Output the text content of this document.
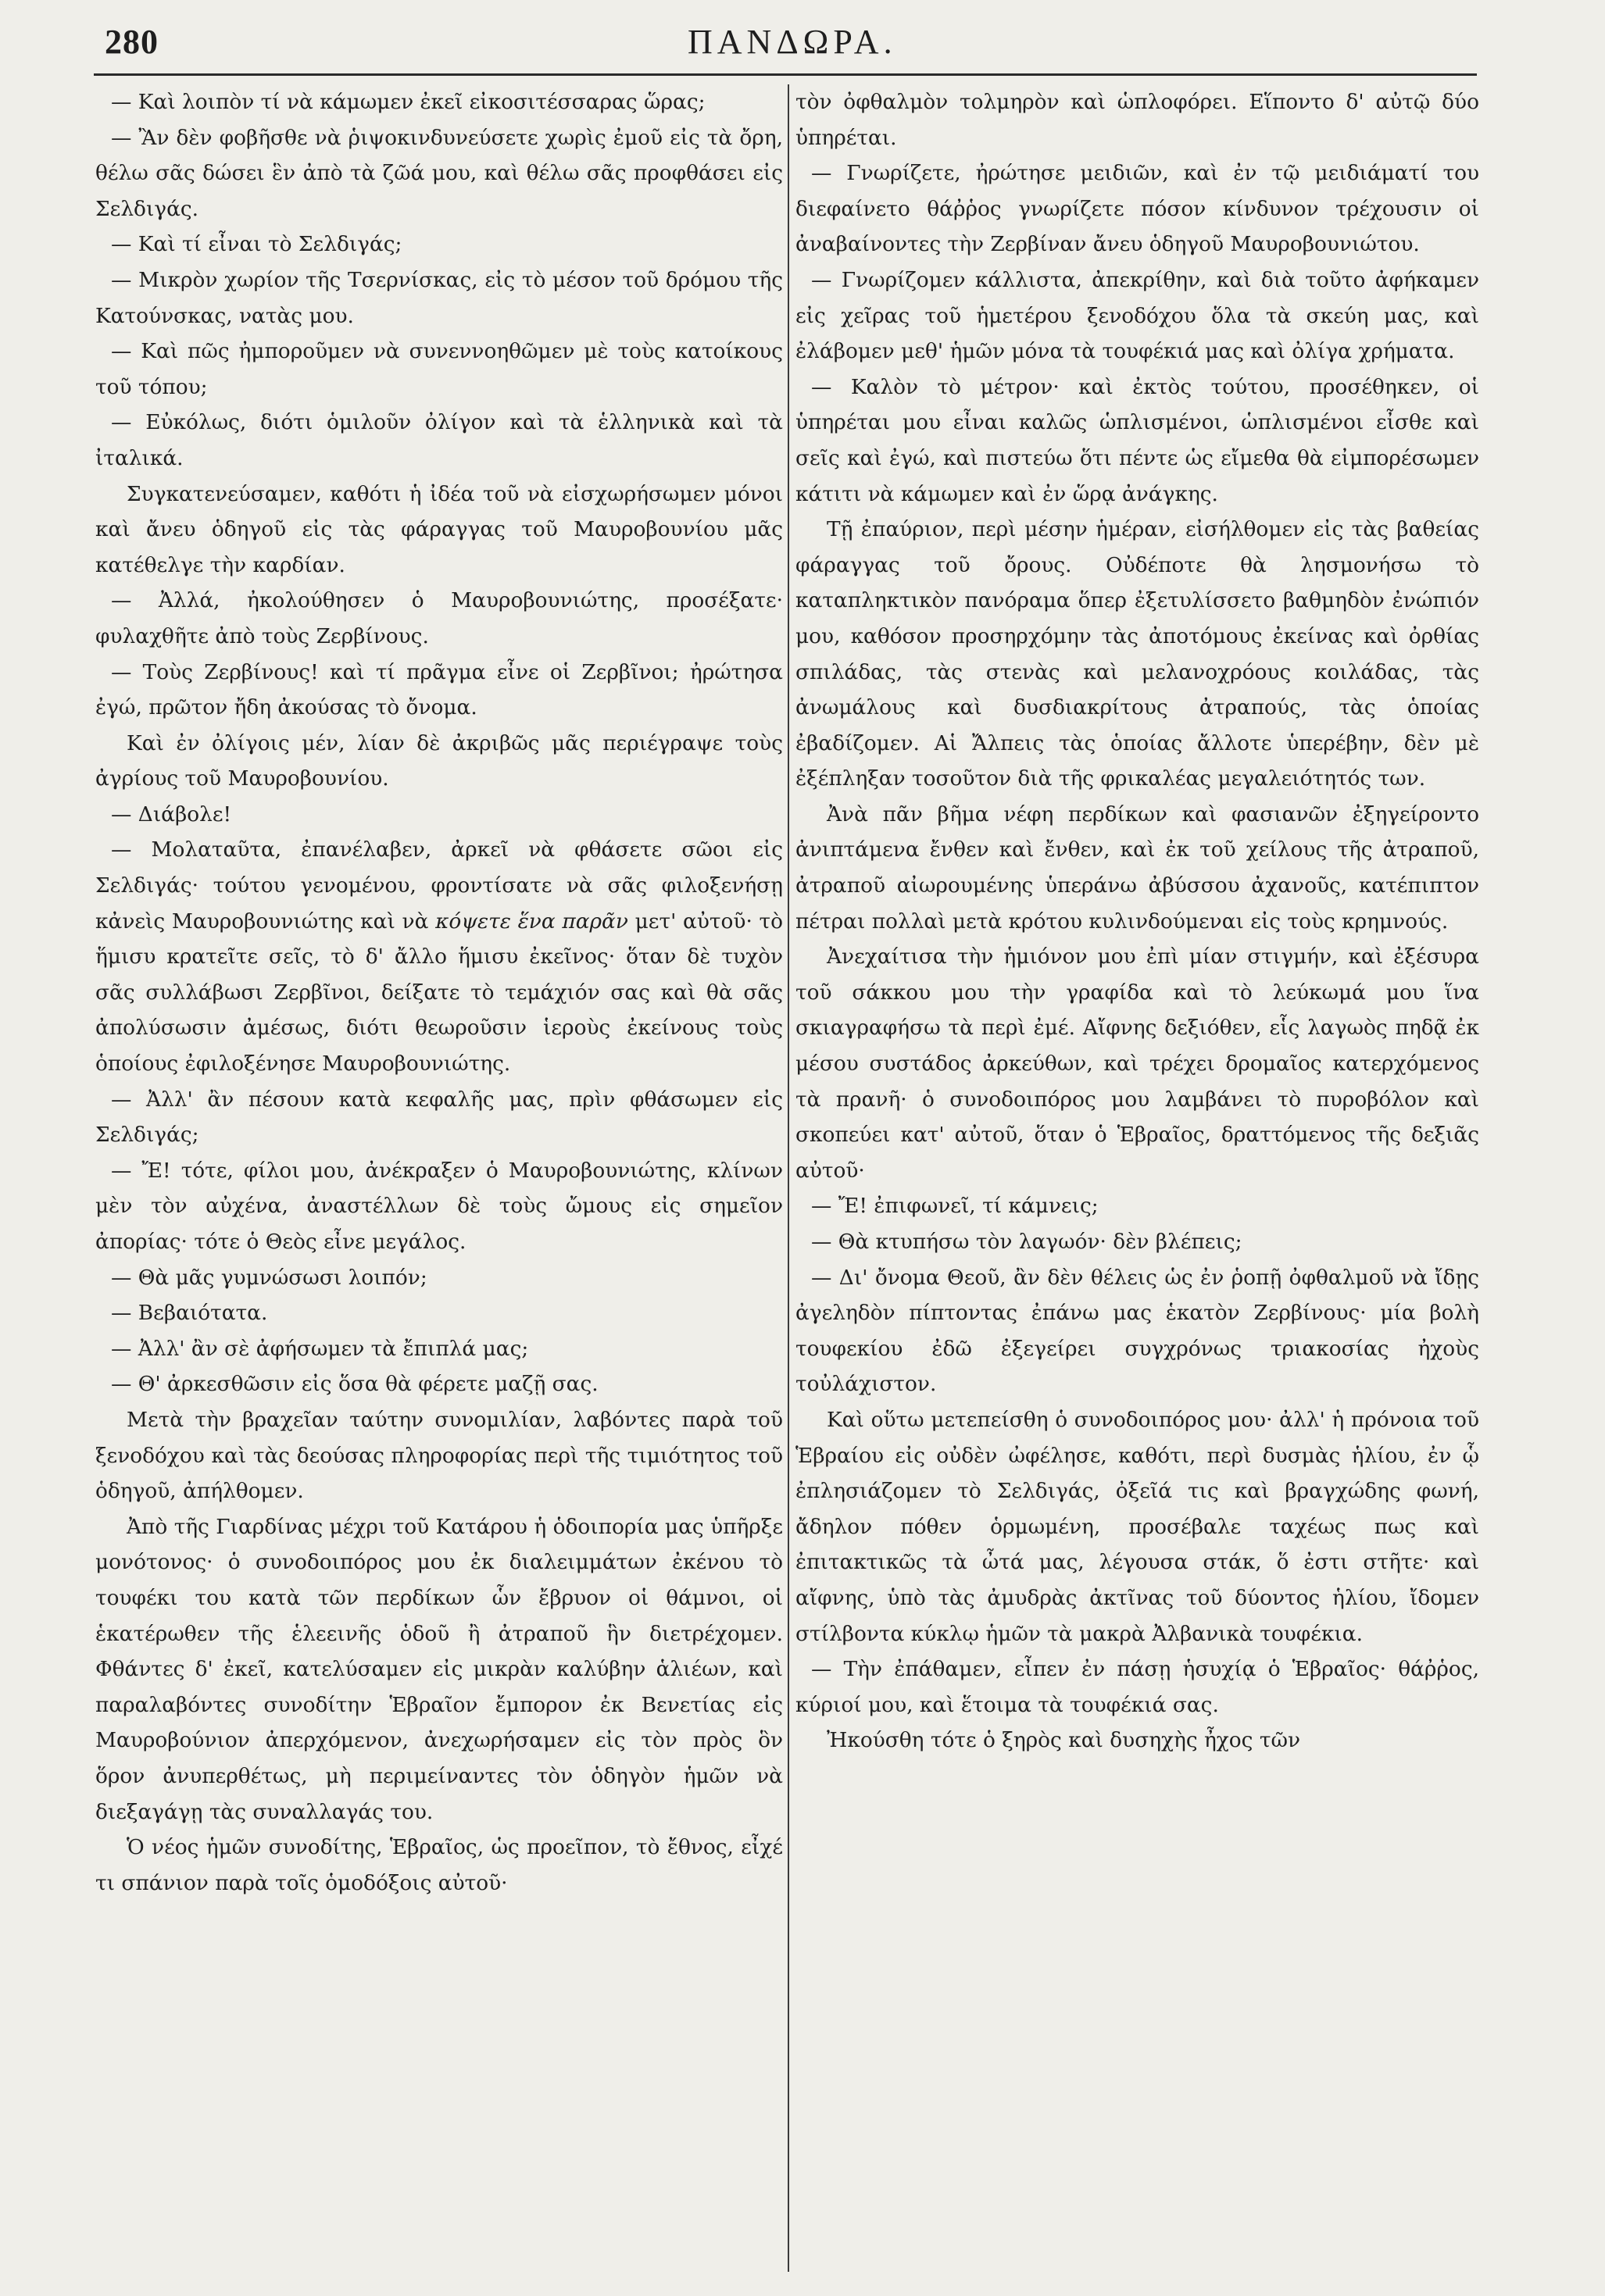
280	ΠΑΝΔΩΡΑ.

— Καὶ λοιπὸν τί νὰ κάμωμεν ἐκεῖ εἰκοσιτέσσαρας ὥρας;

— Ἂν δὲν φοβῆσθε νὰ ῥιψοκινδυνεύσετε χωρὶς ἐμοῦ εἰς τὰ ὄρη, θέλω σᾶς δώσει ἓν ἀπὸ τὰ ζῶά μου, καὶ θέλω σᾶς προφθάσει εἰς Σελδιγάς.

— Καὶ τί εἶναι τὸ Σελδιγάς;

— Μικρὸν χωρίον τῆς Τσερνίσκας, εἰς τὸ μέσον τοῦ δρόμου τῆς Κατούνσκας, νατὰς μου.

— Καὶ πῶς ἠμποροῦμεν νὰ συνεννοηθῶμεν μὲ τοὺς κατοίκους τοῦ τόπου;

— Εὐκόλως, διότι ὁμιλοῦν ὀλίγον καὶ τὰ ἑλληνικὰ καὶ τὰ ἰταλικά.

Συγκατενεύσαμεν, καθότι ἡ ἰδέα τοῦ νὰ εἰσχωρήσωμεν μόνοι καὶ ἄνευ ὁδηγοῦ εἰς τὰς φάραγγας τοῦ Μαυροβουνίου μᾶς κατέθελγε τὴν καρδίαν.

— Ἀλλά, ἠκολούθησεν ὁ Μαυροβουνιώτης, προσέξατε· φυλαχθῆτε ἀπὸ τοὺς Ζερβίνους.

— Τοὺς Ζερβίνους! καὶ τί πρᾶγμα εἶνε οἱ Ζερβῖνοι; ἠρώτησα ἐγώ, πρῶτον ἤδη ἀκούσας τὸ ὄνομα.

Καὶ ἐν ὀλίγοις μέν, λίαν δὲ ἀκριβῶς μᾶς περιέγραψε τοὺς ἀγρίους τοῦ Μαυροβουνίου.

— Διάβολε!

— Μολαταῦτα, ἐπανέλαβεν, ἀρκεῖ νὰ φθάσετε σῶοι εἰς Σελδιγάς· τούτου γενομένου, φροντίσατε νὰ σᾶς φιλοξενήσῃ κἀνεὶς Μαυροβουνιώτης καὶ νὰ κόψετε ἕνα παρᾶν μετ' αὐτοῦ· τὸ ἥμισυ κρατεῖτε σεῖς, τὸ δ' ἄλλο ἥμισυ ἐκεῖνος· ὅταν δὲ τυχὸν σᾶς συλλάβωσι Ζερβῖνοι, δείξατε τὸ τεμάχιόν σας καὶ θὰ σᾶς ἀπολύσωσιν ἀμέσως, διότι θεωροῦσιν ἱεροὺς ἐκείνους τοὺς ὁποίους ἐφιλοξένησε Μαυροβουνιώτης.

— Ἀλλ' ἂν πέσουν κατὰ κεφαλῆς μας, πρὶν φθάσωμεν εἰς Σελδιγάς;

— Ἔ! τότε, φίλοι μου, ἀνέκραξεν ὁ Μαυροβουνιώτης, κλίνων μὲν τὸν αὐχένα, ἀναστέλλων δὲ τοὺς ὤμους εἰς σημεῖον ἀπορίας· τότε ὁ Θεὸς εἶνε μεγάλος.

— Θὰ μᾶς γυμνώσωσι λοιπόν;

— Βεβαιότατα.

— Ἀλλ' ἂν σὲ ἀφήσωμεν τὰ ἔπιπλά μας;

— Θ' ἀρκεσθῶσιν εἰς ὅσα θὰ φέρετε μαζῇ σας.

Μετὰ τὴν βραχεῖαν ταύτην συνομιλίαν, λαβόντες παρὰ τοῦ ξενοδόχου καὶ τὰς δεούσας πληροφορίας περὶ τῆς τιμιότητος τοῦ ὁδηγοῦ, ἀπήλθομεν.

Ἀπὸ τῆς Γιαρδίνας μέχρι τοῦ Κατάρου ἡ ὁδοιπορία μας ὑπῆρξε μονότονος· ὁ συνοδοιπόρος μου ἐκ διαλειμμάτων ἐκένου τὸ τουφέκι του κατὰ τῶν περδίκων ὧν ἔβρυον οἱ θάμνοι, οἱ ἑκατέρωθεν τῆς ἑλεεινῆς ὁδοῦ ἢ ἀτραποῦ ἣν διετρέχομεν. Φθάντες δ' ἐκεῖ, κατελύσαμεν εἰς μικρὰν καλύβην ἁλιέων, καὶ παραλαβόντες συνοδίτην Ἑβραῖον ἔμπορον ἐκ Βενετίας εἰς Μαυροβούνιον ἀπερχόμενον, ἀνεχωρήσαμεν εἰς τὸν πρὸς ὃν ὅρον ἀνυπερθέτως, μὴ περιμείναντες τὸν ὁδηγὸν ἡμῶν νὰ διεξαγάγῃ τὰς συναλλαγάς του.

Ὁ νέος ἡμῶν συνοδίτης, Ἑβραῖος, ὡς προεῖπον, τὸ ἔθνος, εἶχέ τι σπάνιον παρὰ τοῖς ὁμοδόξοις αὐτοῦ·

τὸν ὀφθαλμὸν τολμηρὸν καὶ ὡπλοφόρει. Εἵποντο δ' αὐτῷ δύο ὑπηρέται.

— Γνωρίζετε, ἠρώτησε μειδιῶν, καὶ ἐν τῷ μειδιάματί του διεφαίνετο θάῤῥος γνωρίζετε πόσον κίνδυνον τρέχουσιν οἱ ἀναβαίνοντες τὴν Ζερβίναν ἄνευ ὁδηγοῦ Μαυροβουνιώτου.

— Γνωρίζομεν κάλλιστα, ἀπεκρίθην, καὶ διὰ τοῦτο ἀφήκαμεν εἰς χεῖρας τοῦ ἡμετέρου ξενοδόχου ὅλα τὰ σκεύη μας, καὶ ἐλάβομεν μεθ' ἡμῶν μόνα τὰ τουφέκιά μας καὶ ὀλίγα χρήματα.

— Καλὸν τὸ μέτρον· καὶ ἐκτὸς τούτου, προσέθηκεν, οἱ ὑπηρέται μου εἶναι καλῶς ὡπλισμένοι, ὡπλισμένοι εἶσθε καὶ σεῖς καὶ ἐγώ, καὶ πιστεύω ὅτι πέντε ὡς εἴμεθα θὰ εἰμπορέσωμεν κάτιτι νὰ κάμωμεν καὶ ἐν ὥρᾳ ἀνάγκης.

Τῇ ἐπαύριον, περὶ μέσην ἡμέραν, εἰσήλθομεν εἰς τὰς βαθείας φάραγγας τοῦ ὄρους. Οὐδέποτε θὰ λησμονήσω τὸ καταπληκτικὸν πανόραμα ὅπερ ἐξετυλίσσετο βαθμηδὸν ἐνώπιόν μου, καθόσον προσηρχόμην τὰς ἀποτόμους ἐκείνας καὶ ὀρθίας σπιλάδας, τὰς στενὰς καὶ μελανοχρόους κοιλάδας, τὰς ἀνωμάλους καὶ δυσδιακρίτους ἀτραπούς, τὰς ὁποίας ἐβαδίζομεν. Αἱ Ἄλπεις τὰς ὁποίας ἄλλοτε ὑπερέβην, δὲν μὲ ἐξέπληξαν τοσοῦτον διὰ τῆς φρικαλέας μεγαλειότητός των.

Ἀνὰ πᾶν βῆμα νέφη περδίκων καὶ φασιανῶν ἐξηγείροντο ἀνιπτάμενα ἔνθεν καὶ ἔνθεν, καὶ ἐκ τοῦ χείλους τῆς ἀτραποῦ, ἀτραποῦ αἰωρουμένης ὑπεράνω ἀβύσσου ἀχανοῦς, κατέπιπτον πέτραι πολλαὶ μετὰ κρότου κυλινδούμεναι εἰς τοὺς κρημνούς.

Ἀνεχαίτισα τὴν ἡμιόνον μου ἐπὶ μίαν στιγμήν, καὶ ἐξέσυρα τοῦ σάκκου μου τὴν γραφίδα καὶ τὸ λεύκωμά μου ἵνα σκιαγραφήσω τὰ περὶ ἐμέ. Αἴφνης δεξιόθεν, εἷς λαγωὸς πηδᾷ ἐκ μέσου συστάδος ἀρκεύθων, καὶ τρέχει δρομαῖος κατερχόμενος τὰ πρανῆ· ὁ συνοδοιπόρος μου λαμβάνει τὸ πυροβόλον καὶ σκοπεύει κατ' αὐτοῦ, ὅταν ὁ Ἑβραῖος, δραττόμενος τῆς δεξιᾶς αὐτοῦ·

— Ἔ! ἐπιφωνεῖ, τί κάμνεις;

— Θὰ κτυπήσω τὸν λαγωόν· δὲν βλέπεις;

— Δι' ὄνομα Θεοῦ, ἂν δὲν θέλεις ὡς ἐν ῥοπῇ ὀφθαλμοῦ νὰ ἴδῃς ἀγεληδὸν πίπτοντας ἐπάνω μας ἑκατὸν Ζερβίνους· μία βολὴ τουφεκίου ἐδῶ ἐξεγείρει συγχρόνως τριακοσίας ἠχοὺς τοὐλάχιστον.

Καὶ οὕτω μετεπείσθη ὁ συνοδοιπόρος μου· ἀλλ' ἡ πρόνοια τοῦ Ἑβραίου εἰς οὐδὲν ὠφέλησε, καθότι, περὶ δυσμὰς ἡλίου, ἐν ᾧ ἐπλησιάζομεν τὸ Σελδιγάς, ὀξεῖά τις καὶ βραγχώδης φωνή, ἄδηλον πόθεν ὁρμωμένη, προσέβαλε ταχέως πως καὶ ἐπιτακτικῶς τὰ ὦτά μας, λέγουσα στάκ, ὅ ἐστι στῆτε· καὶ αἴφνης, ὑπὸ τὰς ἀμυδρὰς ἀκτῖνας τοῦ δύοντος ἡλίου, ἴδομεν στίλβοντα κύκλῳ ἡμῶν τὰ μακρὰ Ἀλβανικὰ τουφέκια.

— Τὴν ἐπάθαμεν, εἶπεν ἐν πάσῃ ἡσυχίᾳ ὁ Ἑβραῖος· θάῤῥος, κύριοί μου, καὶ ἕτοιμα τὰ τουφέκιά σας.

Ἠκούσθη τότε ὁ ξηρὸς καὶ δυσηχὴς ἦχος τῶν
